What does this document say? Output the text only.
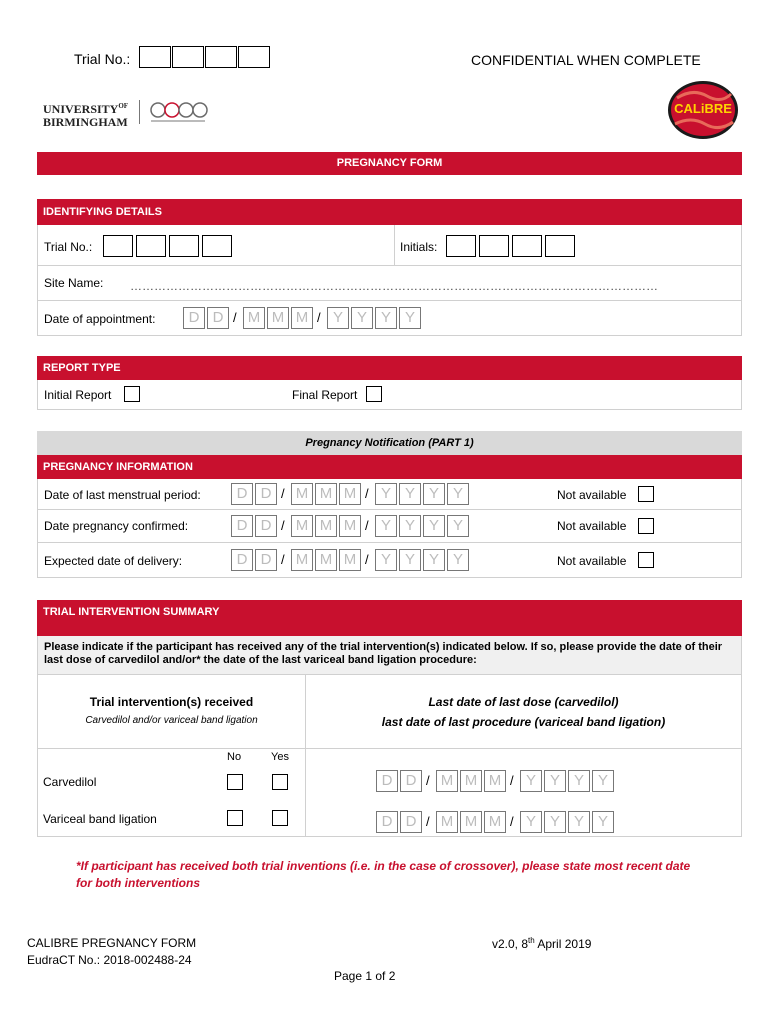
Trial No.:	CONFIDENTIAL WHEN COMPLETE
$UNIVERSITY^{OF}$
BIRMINGHAM
CALiBRE
PREGNANCY FORM
IDENTIFYING DETAILS
Trial No.:	Initials:
Site Name: ……………………………………………………………………………………………………………………
Date of appointment:	D D / M M M / Y Y Y Y
REPORT TYPE
Initial Report	Final Report
Pregnancy Notification (PART 1)
PREGNANCY INFORMATION
Date of last menstrual period:	D D / M M M / Y Y Y Y	Not available
Date pregnancy confirmed:	D D / M M M / Y Y Y Y	Not available
Expected date of delivery:	D D / M M M / Y Y Y Y	Not available
TRIAL INTERVENTION SUMMARY
Please indicate if the participant has received any of the trial intervention(s) indicated below. If so, please provide the date of their last dose of carvedilol and/or* the date of the last variceal band ligation procedure:
Trial intervention(s) received
Carvedilol and/or variceal band ligation
Last date of last dose (carvedilol)
last date of last procedure (variceal band ligation)
No	Yes
Carvedilol	D D / M M M / Y Y Y Y
Variceal band ligation	D D / M M M / Y Y Y Y
*If participant has received both trial inventions (i.e. in the case of crossover), please state most recent date for both interventions
CALIBRE PREGNANCY FORM
EudraCT No.: 2018-002488-24
v2.0, 8th April 2019
Page 1 of 2
